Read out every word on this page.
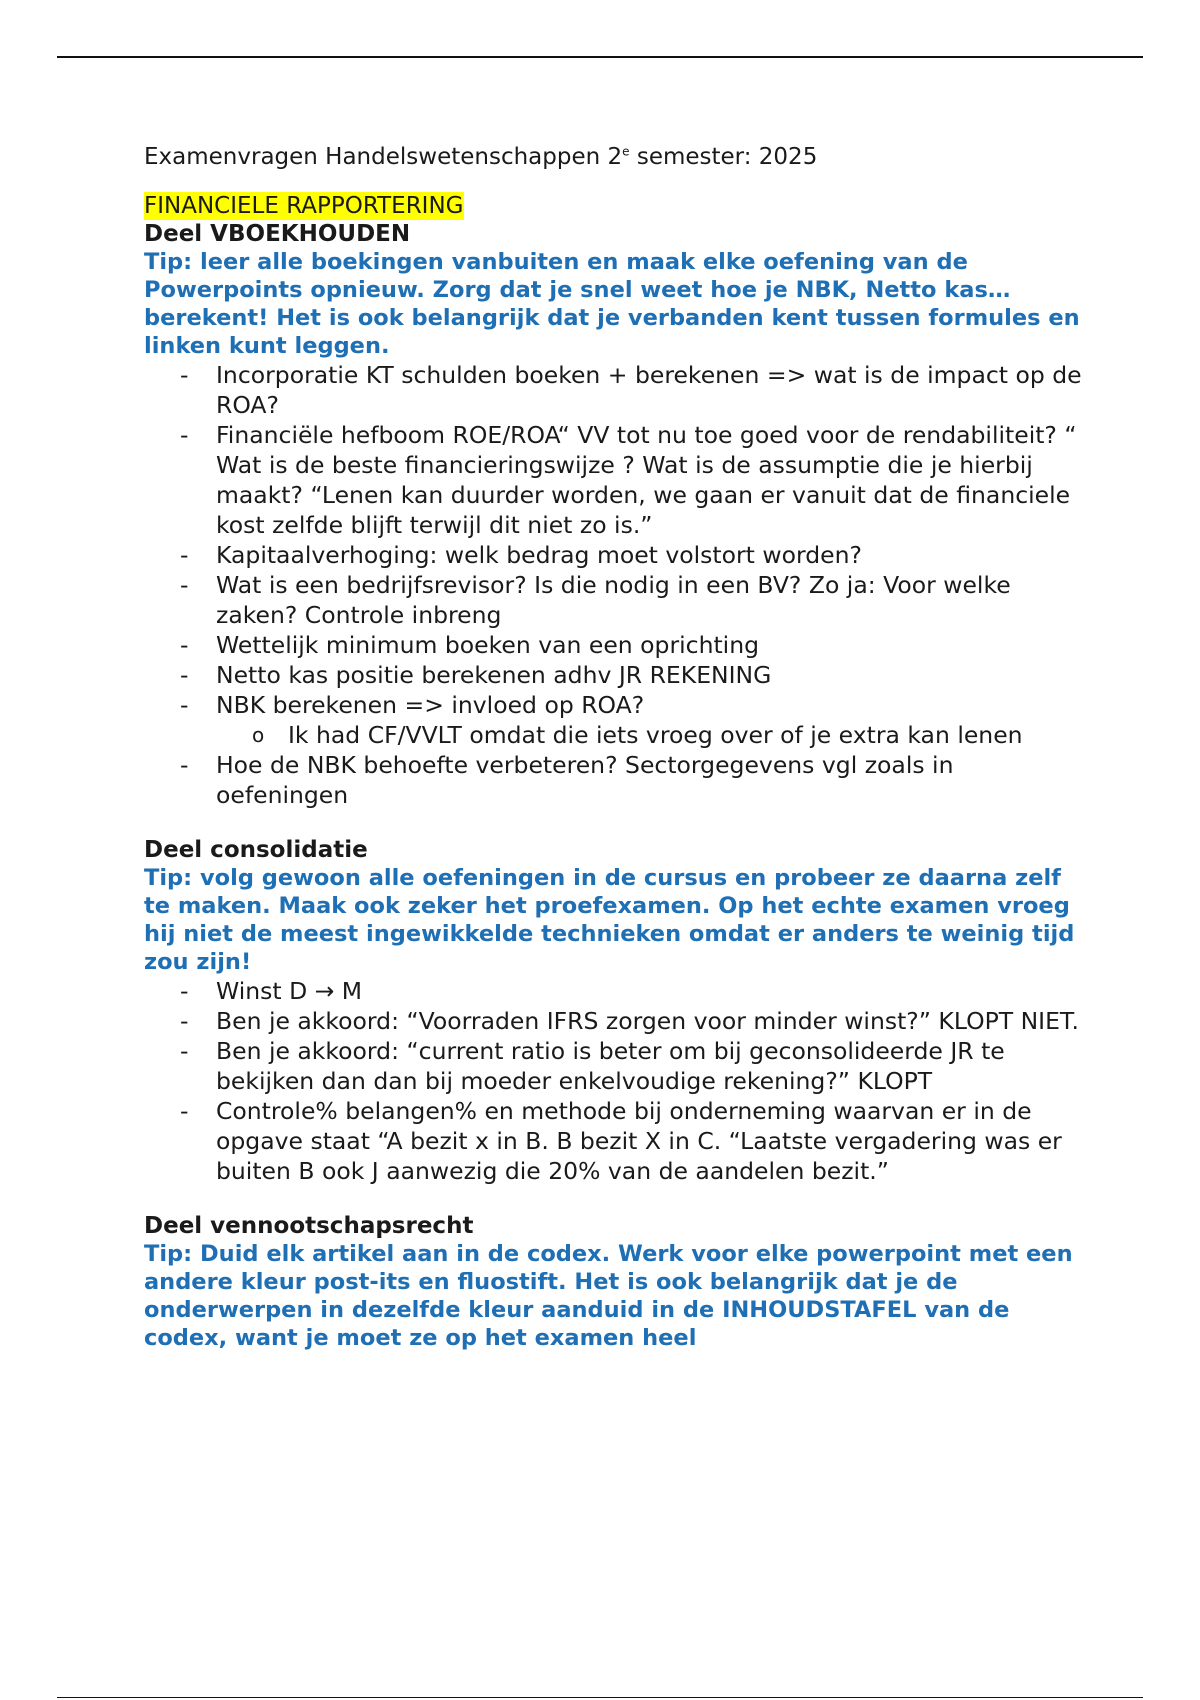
Examenvragen Handelswetenschappen 2e semester: 2025

FINANCIELE RAPPORTERING

Deel VBOEKHOUDEN

Tip: leer alle boekingen vanbuiten en maak elke oefening van de Powerpoints opnieuw. Zorg dat je snel weet hoe je NBK, Netto kas… berekent! Het is ook belangrijk dat je verbanden kent tussen formules en linken kunt leggen.

- Incorporatie KT schulden boeken + berekenen => wat is de impact op de ROA?
- Financiële hefboom ROE/ROA“ VV tot nu toe goed voor de rendabiliteit? “ Wat is de beste financieringswijze ? Wat is de assumptie die je hierbij maakt? “Lenen kan duurder worden, we gaan er vanuit dat de financiele kost zelfde blijft terwijl dit niet zo is.”
- Kapitaalverhoging: welk bedrag moet volstort worden?
- Wat is een bedrijfsrevisor? Is die nodig in een BV? Zo ja: Voor welke zaken? Controle inbreng
- Wettelijk minimum boeken van een oprichting
- Netto kas positie berekenen adhv JR REKENING
- NBK berekenen => invloed op ROA?
o Ik had CF/VVLT omdat die iets vroeg over of je extra kan lenen
- Hoe de NBK behoefte verbeteren? Sectorgegevens vgl zoals in oefeningen

Deel consolidatie

Tip: volg gewoon alle oefeningen in de cursus en probeer ze daarna zelf te maken. Maak ook zeker het proefexamen. Op het echte examen vroeg hij niet de meest ingewikkelde technieken omdat er anders te weinig tijd zou zijn!

- Winst D → M
- Ben je akkoord: “Voorraden IFRS zorgen voor minder winst?” KLOPT NIET.
- Ben je akkoord: “current ratio is beter om bij geconsolideerde JR te bekijken dan dan bij moeder enkelvoudige rekening?” KLOPT
- Controle% belangen% en methode bij onderneming waarvan er in de opgave staat “A bezit x in B. B bezit X in C. “Laatste vergadering was er buiten B ook J aanwezig die 20% van de aandelen bezit.”

Deel vennootschapsrecht

Tip: Duid elk artikel aan in de codex. Werk voor elke powerpoint met een andere kleur post-its en fluostift. Het is ook belangrijk dat je de onderwerpen in dezelfde kleur aanduid in de INHOUDSTAFEL van de codex, want je moet ze op het examen heel
